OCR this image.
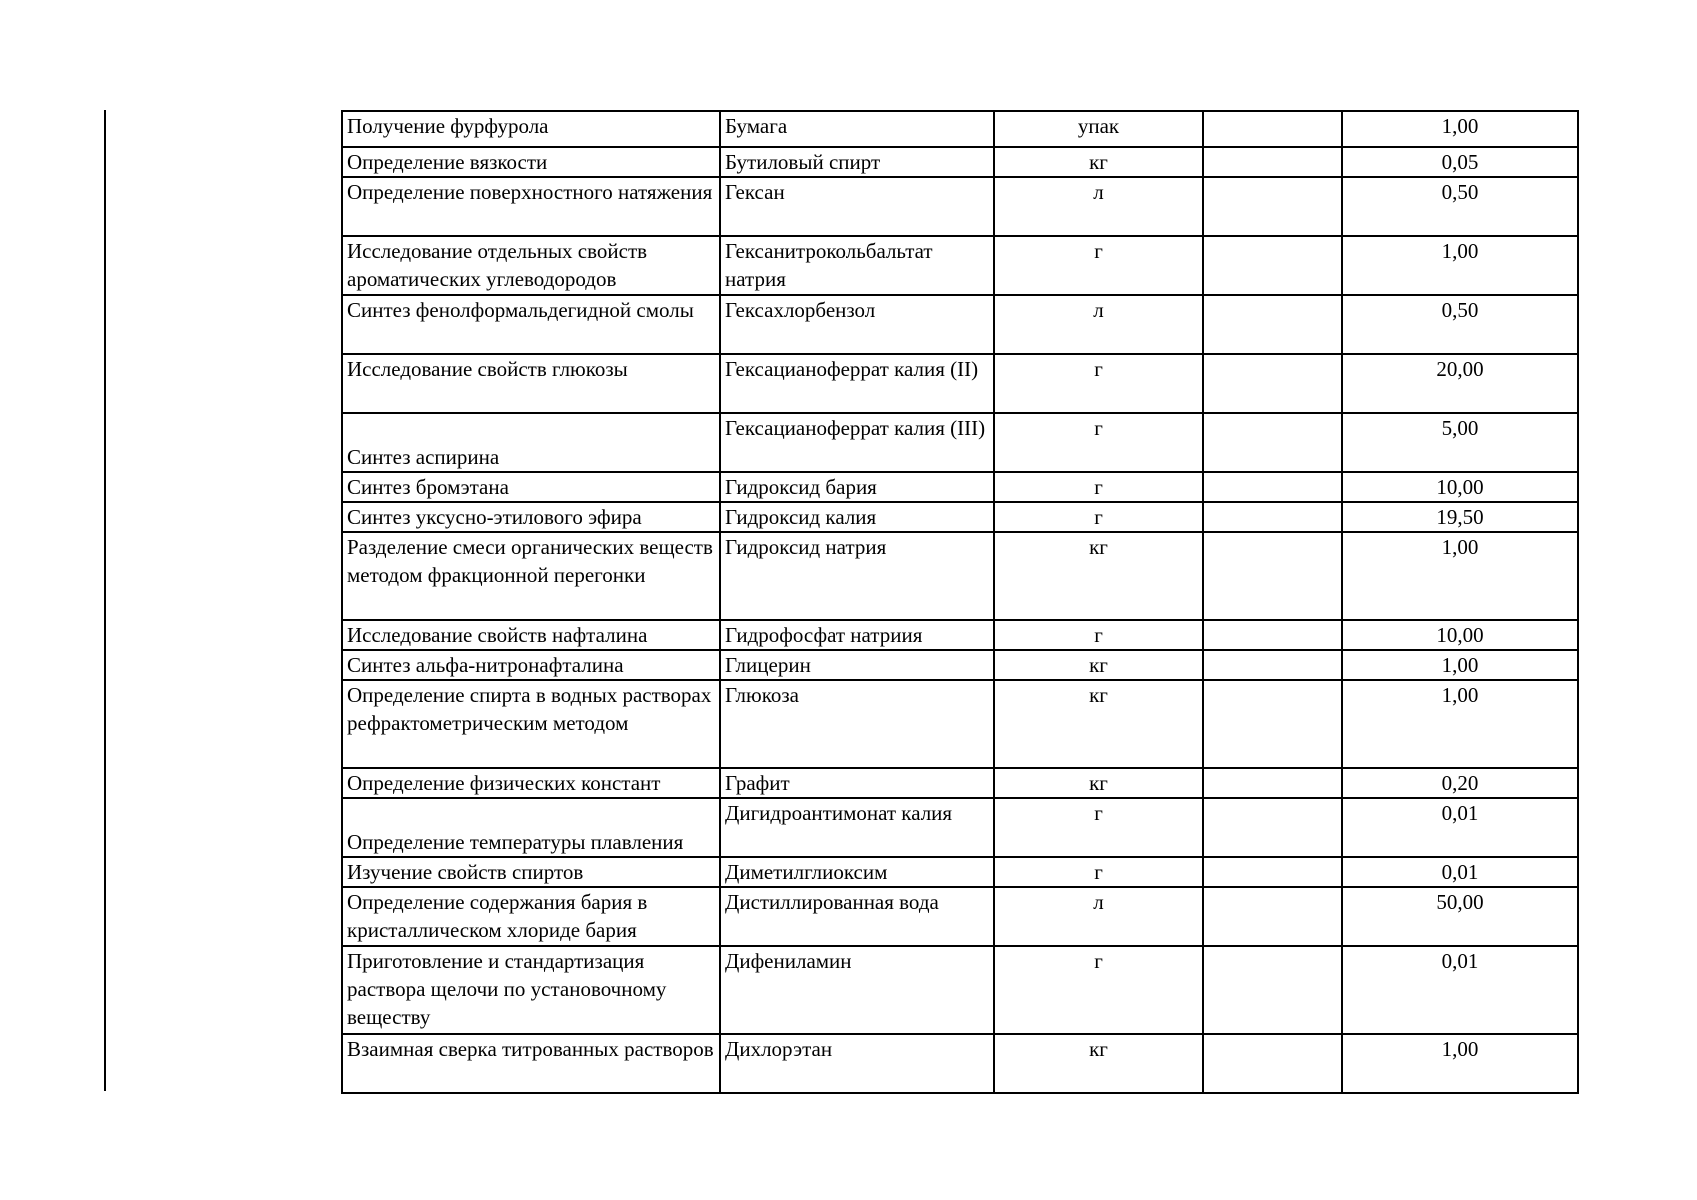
Получение фурфурола	Бумага	упак		1,00
Определение вязкости	Бутиловый спирт	кг		0,05
Определение поверхностного натяжения	Гексан	л		0,50
Исследование отдельных свойств ароматических углеводородов	Гексанитрокольбальтат натрия	г		1,00
Синтез фенолформальдегидной смолы	Гексахлорбензол	л		0,50
Исследование свойств глюкозы	Гексацианоферрат калия (II)	г		20,00
Синтез аспирина	Гексацианоферрат калия (III)	г		5,00
Синтез бромэтана	Гидроксид бария	г		10,00
Синтез уксусно-этилового эфира	Гидроксид калия	г		19,50
Разделение смеси органических веществ методом фракционной перегонки	Гидроксид натрия	кг		1,00
Исследование свойств нафталина	Гидрофосфат натриия	г		10,00
Синтез альфа-нитронафталина	Глицерин	кг		1,00
Определение спирта в водных растворах рефрактометрическим методом	Глюкоза	кг		1,00
Определение физических констант	Графит	кг		0,20
Определение температуры плавления	Дигидроантимонат калия	г		0,01
Изучение свойств спиртов	Диметилглиоксим	г		0,01
Определение содержания бария в кристаллическом хлориде бария	Дистиллированная вода	л		50,00
Приготовление и стандартизация раствора щелочи по установочному веществу	Дифениламин	г		0,01
Взаимная сверка титрованных растворов	Дихлорэтан	кг		1,00
